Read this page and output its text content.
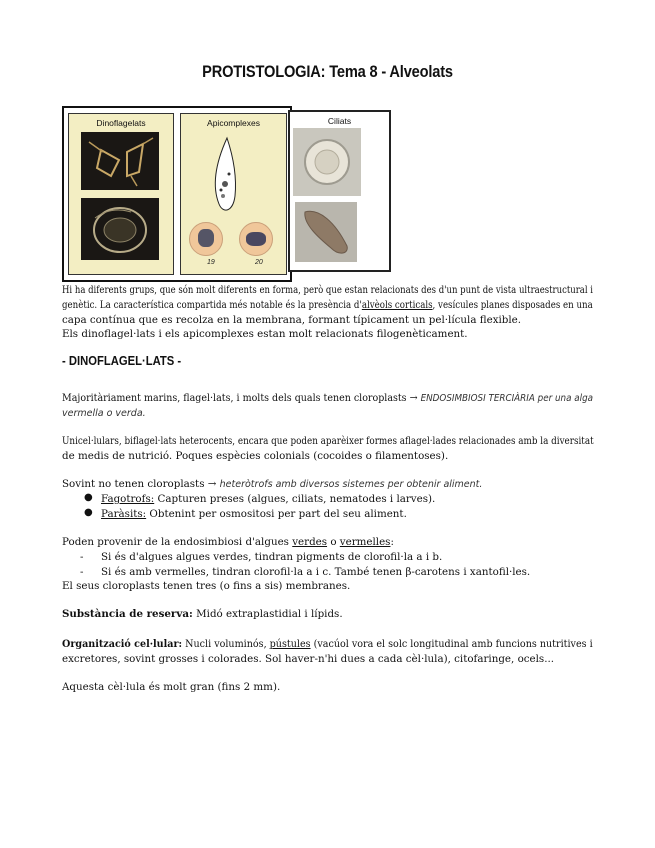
PROTISTOLOGIA: Tema 8 - Alveolats
Dinoflagelats	Apicomplexes
19	20
Ciliats
Hi ha diferents grups, que són molt diferents en forma, però que estan relacionats des d'un punt de vista ultraestructural i
genètic. La característica compartida més notable és la presència d'alvèols corticals, vesícules planes disposades en una
capa contínua que es recolza en la membrana, formant típicament un pel·lícula flexible.
Els dinoflagel·lats i els apicomplexes estan molt relacionats filogenèticament.
- DINOFLAGEL·LATS -
Majoritàriament marins, flagel·lats, i molts dels quals tenen cloroplasts → ENDOSIMBIOSI TERCIÀRIA per una alga
vermella o verda.
Unicel·lulars, biflagel·lats heterocents, encara que poden aparèixer formes aflagel·lades relacionades amb la diversitat
de medis de nutrició. Poques espècies colonials (cocoides o filamentoses).
Sovint no tenen cloroplasts → heteròtrofs amb diversos sistemes per obtenir aliment.
● Fagotrofs: Capturen preses (algues, ciliats, nematodes i larves).
● Paràsits: Obtenint per osmositosi per part del seu aliment.
Poden provenir de la endosimbiosi d'algues verdes o vermelles:
- Si és d'algues algues verdes, tindran pigments de clorofil·la a i b.
- Si és amb vermelles, tindran clorofil·la a i c. També tenen β-carotens i xantofil·les.
El seus cloroplasts tenen tres (o fins a sis) membranes.
Substància de reserva: Midó extraplastidial i lípids.
Organització cel·lular: Nucli voluminós, pústules (vacúol vora el solc longitudinal amb funcions nutritives i
excretores, sovint grosses i colorades. Sol haver-n'hi dues a cada cèl·lula), citofaringe, ocels...
Aquesta cèl·lula és molt gran (fins 2 mm).
